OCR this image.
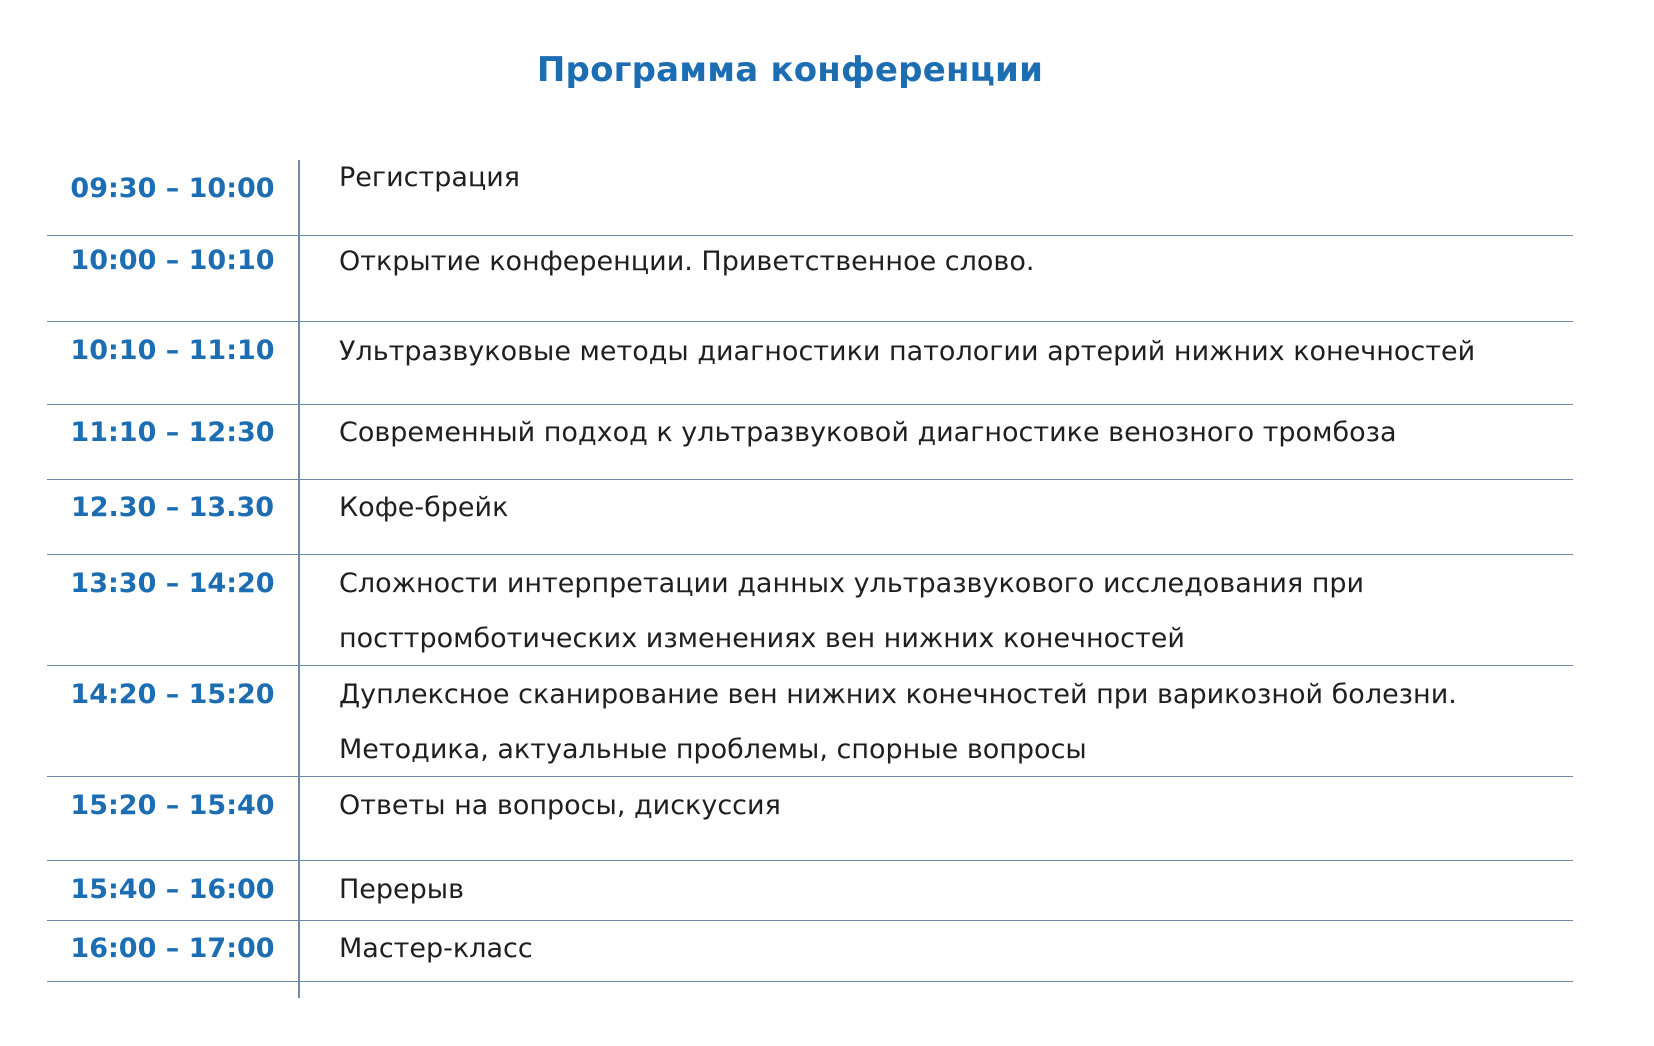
Программа конференции
09:30 – 10:00	Регистрация
10:00 – 10:10	Открытие конференции. Приветственное слово.
10:10 – 11:10	Ультразвуковые методы диагностики патологии артерий нижних конечностей
11:10 – 12:30	Современный подход к ультразвуковой диагностике венозного тромбоза
12.30 – 13.30	Кофе-брейк
13:30 – 14:20	Сложности интерпретации данных ультразвукового исследования при
посттромботических изменениях вен нижних конечностей
14:20 – 15:20	Дуплексное сканирование вен нижних конечностей при варикозной болезни.
Методика, актуальные проблемы, спорные вопросы
15:20 – 15:40	Ответы на вопросы, дискуссия
15:40 – 16:00	Перерыв
16:00 – 17:00	Мастер-класс
